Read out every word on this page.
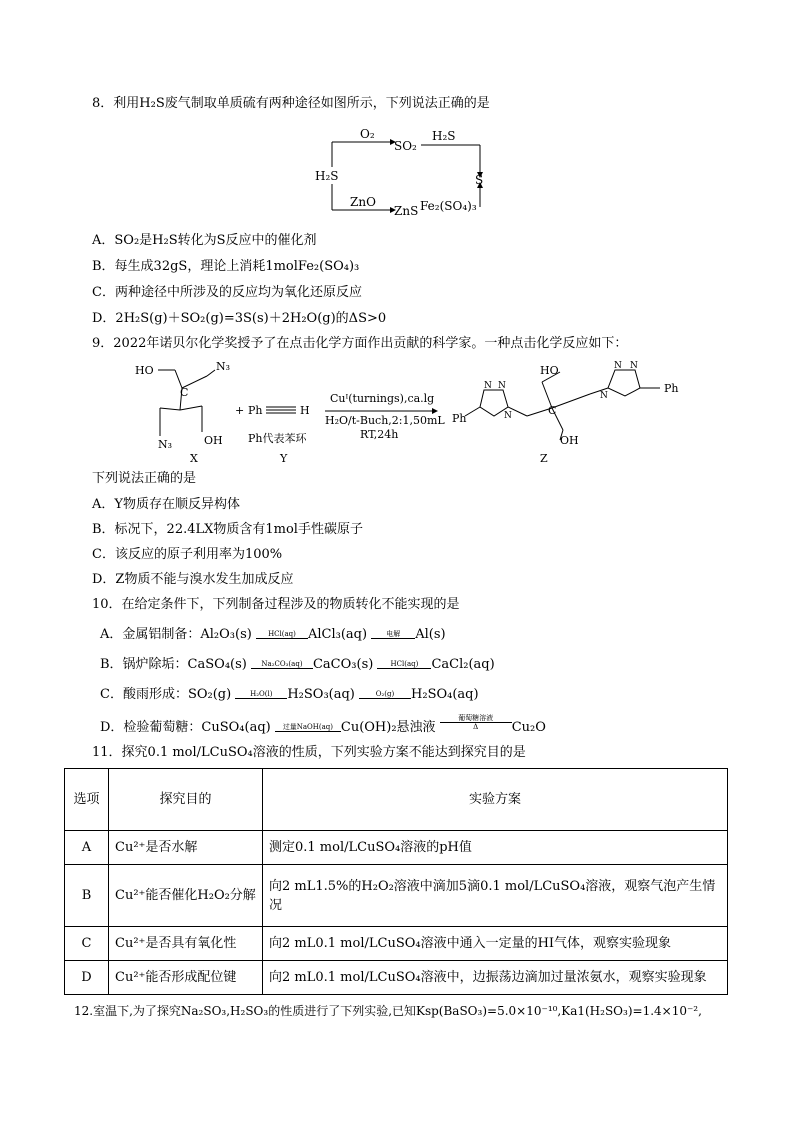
8．利用H₂S废气制取单质硫有两种途径如图所示，下列说法正确的是
O₂
SO₂
H₂S
H₂S	S
ZnO
ZnS Fe₂(SO₄)₃
A．SO₂是H₂S转化为S反应中的催化剂
B．每生成32gS，理论上消耗1molFe₂(SO₄)₃
C．两种途径中所涉及的反应均为氧化还原反应
D．2H₂S(g)＋SO₂(g)=3S(s)＋2H₂O(g)的ΔS>0
9．2022年诺贝尔化学奖授予了在点击化学方面作出贡献的科学家。一种点击化学反应如下：
HO	N₃
C
N₃	OH
X
+ Ph	H
Ph代表苯环
Y
Cuᴵ(turnings),ca.lg
H₂O/t-Buch,2:1,50mL
RT,24h
N N
N
Ph
HO
C
OH
N N
N
Ph
Z
下列说法正确的是
A．Y物质存在顺反异构体
B．标况下，22.4LX物质含有1mol手性碳原子
C．该反应的原子利用率为100%
D．Z物质不能与溴水发生加成反应
10．在给定条件下，下列制备过程涉及的物质转化不能实现的是
A．金属铝制备：Al₂O₃(s)	HCl(aq) AlCl₃(aq)	电解	Al(s)
B．锅炉除垢：CaSO₄(s)	Na₂CO₃(aq) CaCO₃(s)	HCl(aq)	CaCl₂(aq)
C．酸雨形成：SO₂(g)	H₂O(l)	H₂SO₃(aq)	O₂(g)	H₂SO₄(aq)
D．检验葡萄糖：CuSO₄(aq)	过量NaOH(aq) Cu(OH)₂悬浊液
葡萄糖溶液
Δ	Cu₂O
11．探究0.1 mol/LCuSO₄溶液的性质，下列实验方案不能达到探究目的是
选项	探究目的	实验方案
A	Cu²⁺是否水解	测定0.1 mol/LCuSO₄溶液的pH值
B	Cu²⁺能否催化H₂O₂分解	向2 mL1.5%的H₂O₂溶液中滴加5滴0.1 mol/LCuSO₄溶液，观察气泡产生情况
C	Cu²⁺是否具有氧化性	向2 mL0.1 mol/LCuSO₄溶液中通入一定量的HI气体，观察实验现象
D	Cu²⁺能否形成配位键	向2 mL0.1 mol/LCuSO₄溶液中，边振荡边滴加过量浓氨水，观察实验现象
12.室温下,为了探究Na₂SO₃,H₂SO₃的性质进行了下列实验,已知Ksp(BaSO₃)=5.0×10⁻¹⁰,Ka1(H₂SO₃)=1.4×10⁻²,
